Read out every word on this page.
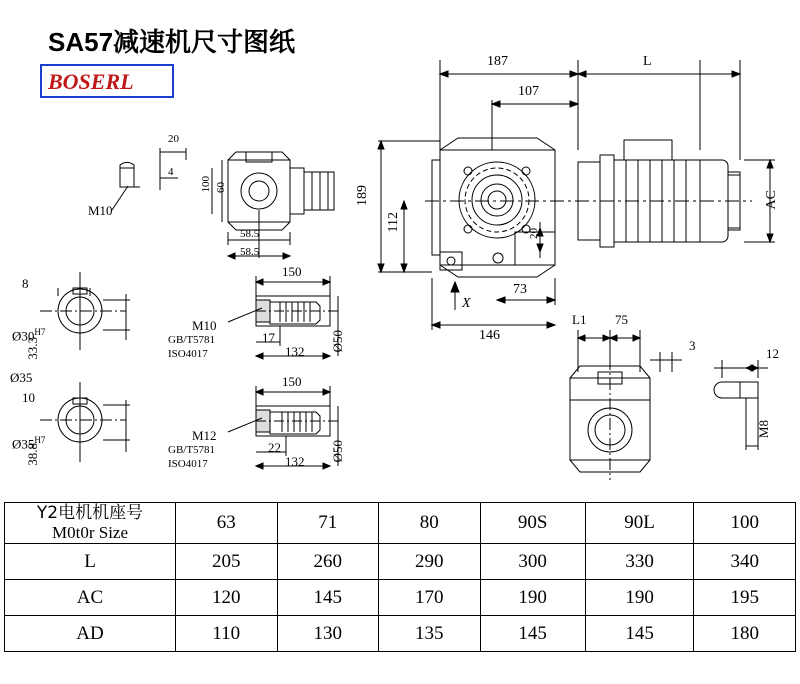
SA57减速机尺寸图纸
BOSERL
187	L
107
189
112
AC
20
X
73
146
L1 75
3
12
M8
M10
20
4
100 60
58.5
58.5
8
$Ø30^{H7}$
33.3
Ø35
10
$Ø35^{H7}$
38.8
150
17
132 Ø50
M10
GB/T5781
ISO4017
150
22
132 Ø50
M12
GB/T5781
ISO4017
Y2电机机座号
M0t0r Size	63	71	80	90S	90L	100
L	205	260	290	300	330	340
AC	120	145	170	190	190	195
AD	110	130	135	145	145	180
